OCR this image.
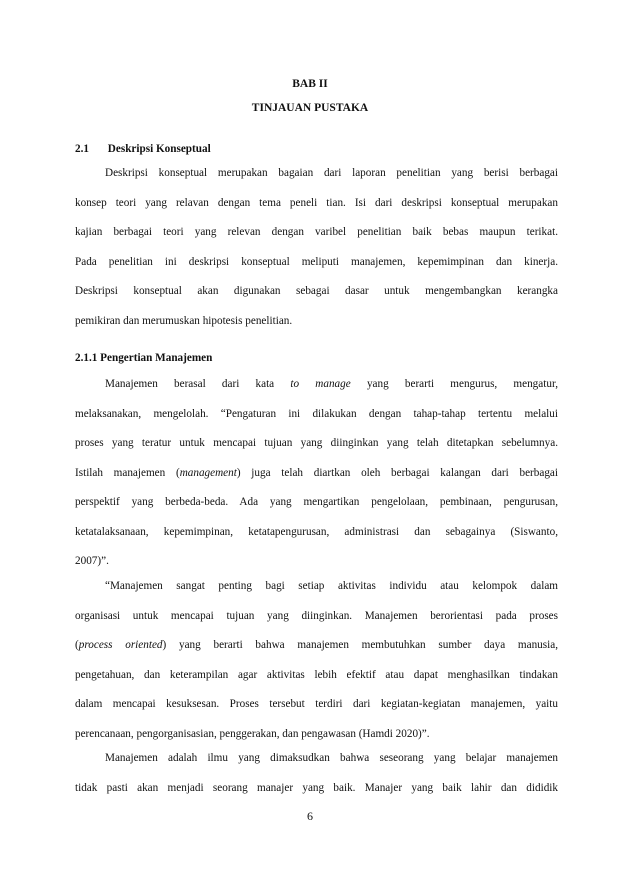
BAB II
TINJAUAN PUSTAKA
2.1 Deskripsi Konseptual

Deskripsi konseptual merupakan bagaian dari laporan penelitian yang berisi berbagai

konsep teori yang relavan dengan tema peneli tian. Isi dari deskripsi konseptual merupakan

kajian berbagai teori yang relevan dengan varibel penelitian baik bebas maupun terikat.

Pada penelitian ini deskripsi konseptual meliputi manajemen, kepemimpinan dan kinerja.

Deskripsi konseptual akan digunakan sebagai dasar untuk mengembangkan kerangka

pemikiran dan merumuskan hipotesis penelitian.

2.1.1 Pengertian Manajemen

Manajemen berasal dari kata to manage yang berarti mengurus, mengatur,

melaksanakan, mengelolah. “Pengaturan ini dilakukan dengan tahap-tahap tertentu melalui

proses yang teratur untuk mencapai tujuan yang diinginkan yang telah ditetapkan sebelumnya.

Istilah manajemen (management) juga telah diartkan oleh berbagai kalangan dari berbagai

perspektif yang berbeda-beda. Ada yang mengartikan pengelolaan, pembinaan, pengurusan,

ketatalaksanaan, kepemimpinan, ketatapengurusan, administrasi dan sebagainya (Siswanto,

2007)”.

“Manajemen sangat penting bagi setiap aktivitas individu atau kelompok dalam

organisasi untuk mencapai tujuan yang diinginkan. Manajemen berorientasi pada proses

(process oriented) yang berarti bahwa manajemen membutuhkan sumber daya manusia,

pengetahuan, dan keterampilan agar aktivitas lebih efektif atau dapat menghasilkan tindakan

dalam mencapai kesuksesan. Proses tersebut terdiri dari kegiatan-kegiatan manajemen, yaitu

perencanaan, pengorganisasian, penggerakan, dan pengawasan (Hamdi 2020)”.

Manajemen adalah ilmu yang dimaksudkan bahwa seseorang yang belajar manajemen

tidak pasti akan menjadi seorang manajer yang baik. Manajer yang baik lahir dan dididik

6
